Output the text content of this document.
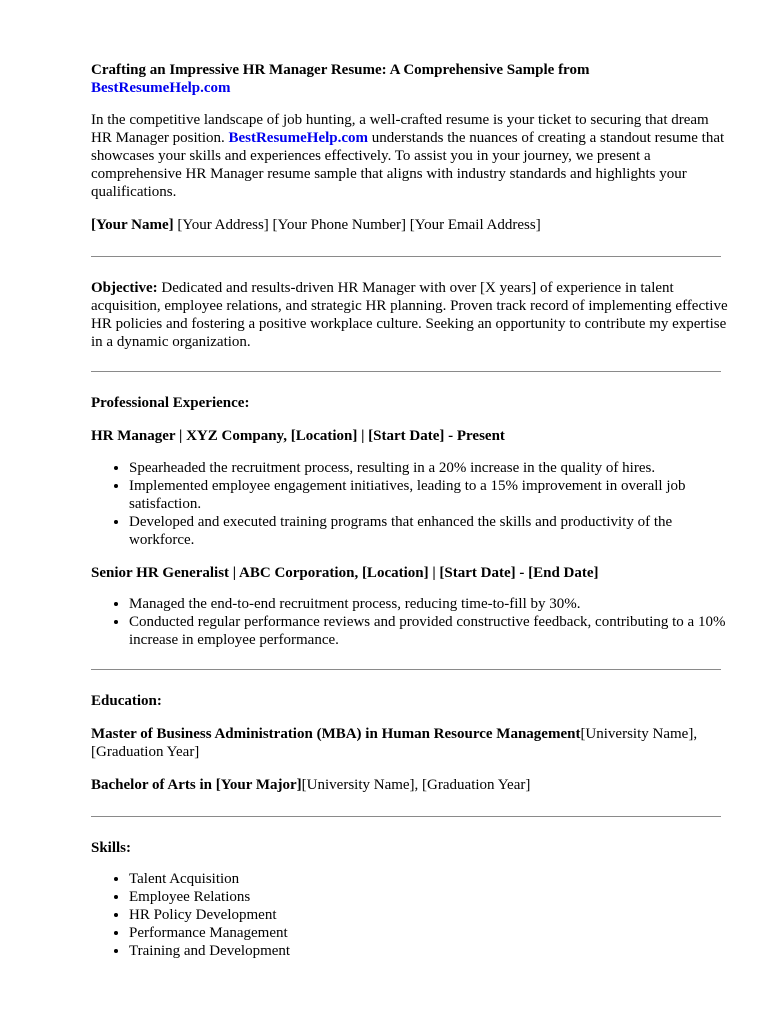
Crafting an Impressive HR Manager Resume: A Comprehensive Sample from
BestResumeHelp.com

In the competitive landscape of job hunting, a well-crafted resume is your ticket to securing that dream HR Manager position. BestResumeHelp.com understands the nuances of creating a standout resume that showcases your skills and experiences effectively. To assist you in your journey, we present a comprehensive HR Manager resume sample that aligns with industry standards and highlights your qualifications.

[Your Name] [Your Address] [Your Phone Number] [Your Email Address]

Objective: Dedicated and results-driven HR Manager with over [X years] of experience in talent acquisition, employee relations, and strategic HR planning. Proven track record of implementing effective HR policies and fostering a positive workplace culture. Seeking an opportunity to contribute my expertise in a dynamic organization.

Professional Experience:

HR Manager | XYZ Company, [Location] | [Start Date] - Present

• Spearheaded the recruitment process, resulting in a 20% increase in the quality of hires.
• Implemented employee engagement initiatives, leading to a 15% improvement in overall job satisfaction.
• Developed and executed training programs that enhanced the skills and productivity of the workforce.

Senior HR Generalist | ABC Corporation, [Location] | [Start Date] - [End Date]

• Managed the end-to-end recruitment process, reducing time-to-fill by 30%.
• Conducted regular performance reviews and provided constructive feedback, contributing to a 10% increase in employee performance.

Education:

Master of Business Administration (MBA) in Human Resource Management[University Name], [Graduation Year]

Bachelor of Arts in [Your Major][University Name], [Graduation Year]

Skills:

• Talent Acquisition
• Employee Relations
• HR Policy Development
• Performance Management
• Training and Development
